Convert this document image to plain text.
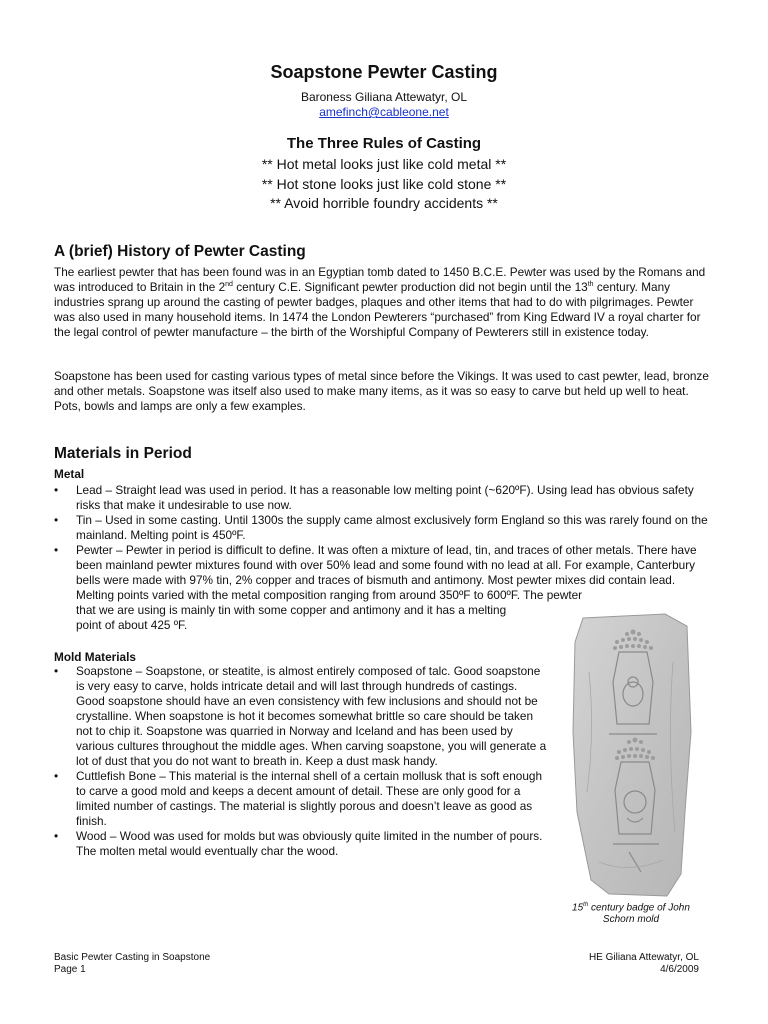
Soapstone Pewter Casting
Baroness Giliana Attewatyr, OL
amefinch@cableone.net
The Three Rules of Casting
** Hot metal looks just like cold metal **
** Hot stone looks just like cold stone **
** Avoid horrible foundry accidents **
A (brief) History of Pewter Casting
The earliest pewter that has been found was in an Egyptian tomb dated to 1450 B.C.E. Pewter was used by the Romans and was introduced to Britain in the 2nd century C.E. Significant pewter production did not begin until the 13th century. Many industries sprang up around the casting of pewter badges, plaques and other items that had to do with pilgrimages. Pewter was also used in many household items. In 1474 the London Pewterers “purchased” from King Edward IV a royal charter for the legal control of pewter manufacture – the birth of the Worshipful Company of Pewterers still in existence today.
Soapstone has been used for casting various types of metal since before the Vikings. It was used to cast pewter, lead, bronze and other metals. Soapstone was itself also used to make many items, as it was so easy to carve but held up well to heat. Pots, bowls and lamps are only a few examples.
Materials in Period
Metal
• Lead – Straight lead was used in period. It has a reasonable low melting point (~620ºF). Using lead has obvious safety risks that make it undesirable to use now.
• Tin – Used in some casting. Until 1300s the supply came almost exclusively form England so this was rarely found on the mainland. Melting point is 450ºF.
• Pewter – Pewter in period is difficult to define. It was often a mixture of lead, tin, and traces of other metals. There have been mainland pewter mixtures found with over 50% lead and some found with no lead at all. For example, Canterbury bells were made with 97% tin, 2% copper and traces of bismuth and antimony. Most pewter mixes did contain lead. Melting points varied with the metal composition ranging from around 350ºF to 600ºF. The pewter
that we are using is mainly tin with some copper and antimony and it has a melting
point of about 425 ºF.
Mold Materials
• Soapstone – Soapstone, or steatite, is almost entirely composed of talc. Good soapstone is very easy to carve, holds intricate detail and will last through hundreds of castings. Good soapstone should have an even consistency with few inclusions and should not be crystalline. When soapstone is hot it becomes somewhat brittle so care should be taken not to chip it. Soapstone was quarried in Norway and Iceland and has been used by various cultures throughout the middle ages. When carving soapstone, you will generate a lot of dust that you do not want to breath in. Keep a dust mask handy.
• Cuttlefish Bone – This material is the internal shell of a certain mollusk that is soft enough to carve a good mold and keeps a decent amount of detail. These are only good for a limited number of castings. The material is slightly porous and doesn’t leave as good as finish.
• Wood – Wood was used for molds but was obviously quite limited in the number of pours. The molten metal would eventually char the wood.
15th century badge of John Schorn mold
Basic Pewter Casting in Soapstone
Page 1
HE Giliana Attewatyr, OL
4/6/2009
